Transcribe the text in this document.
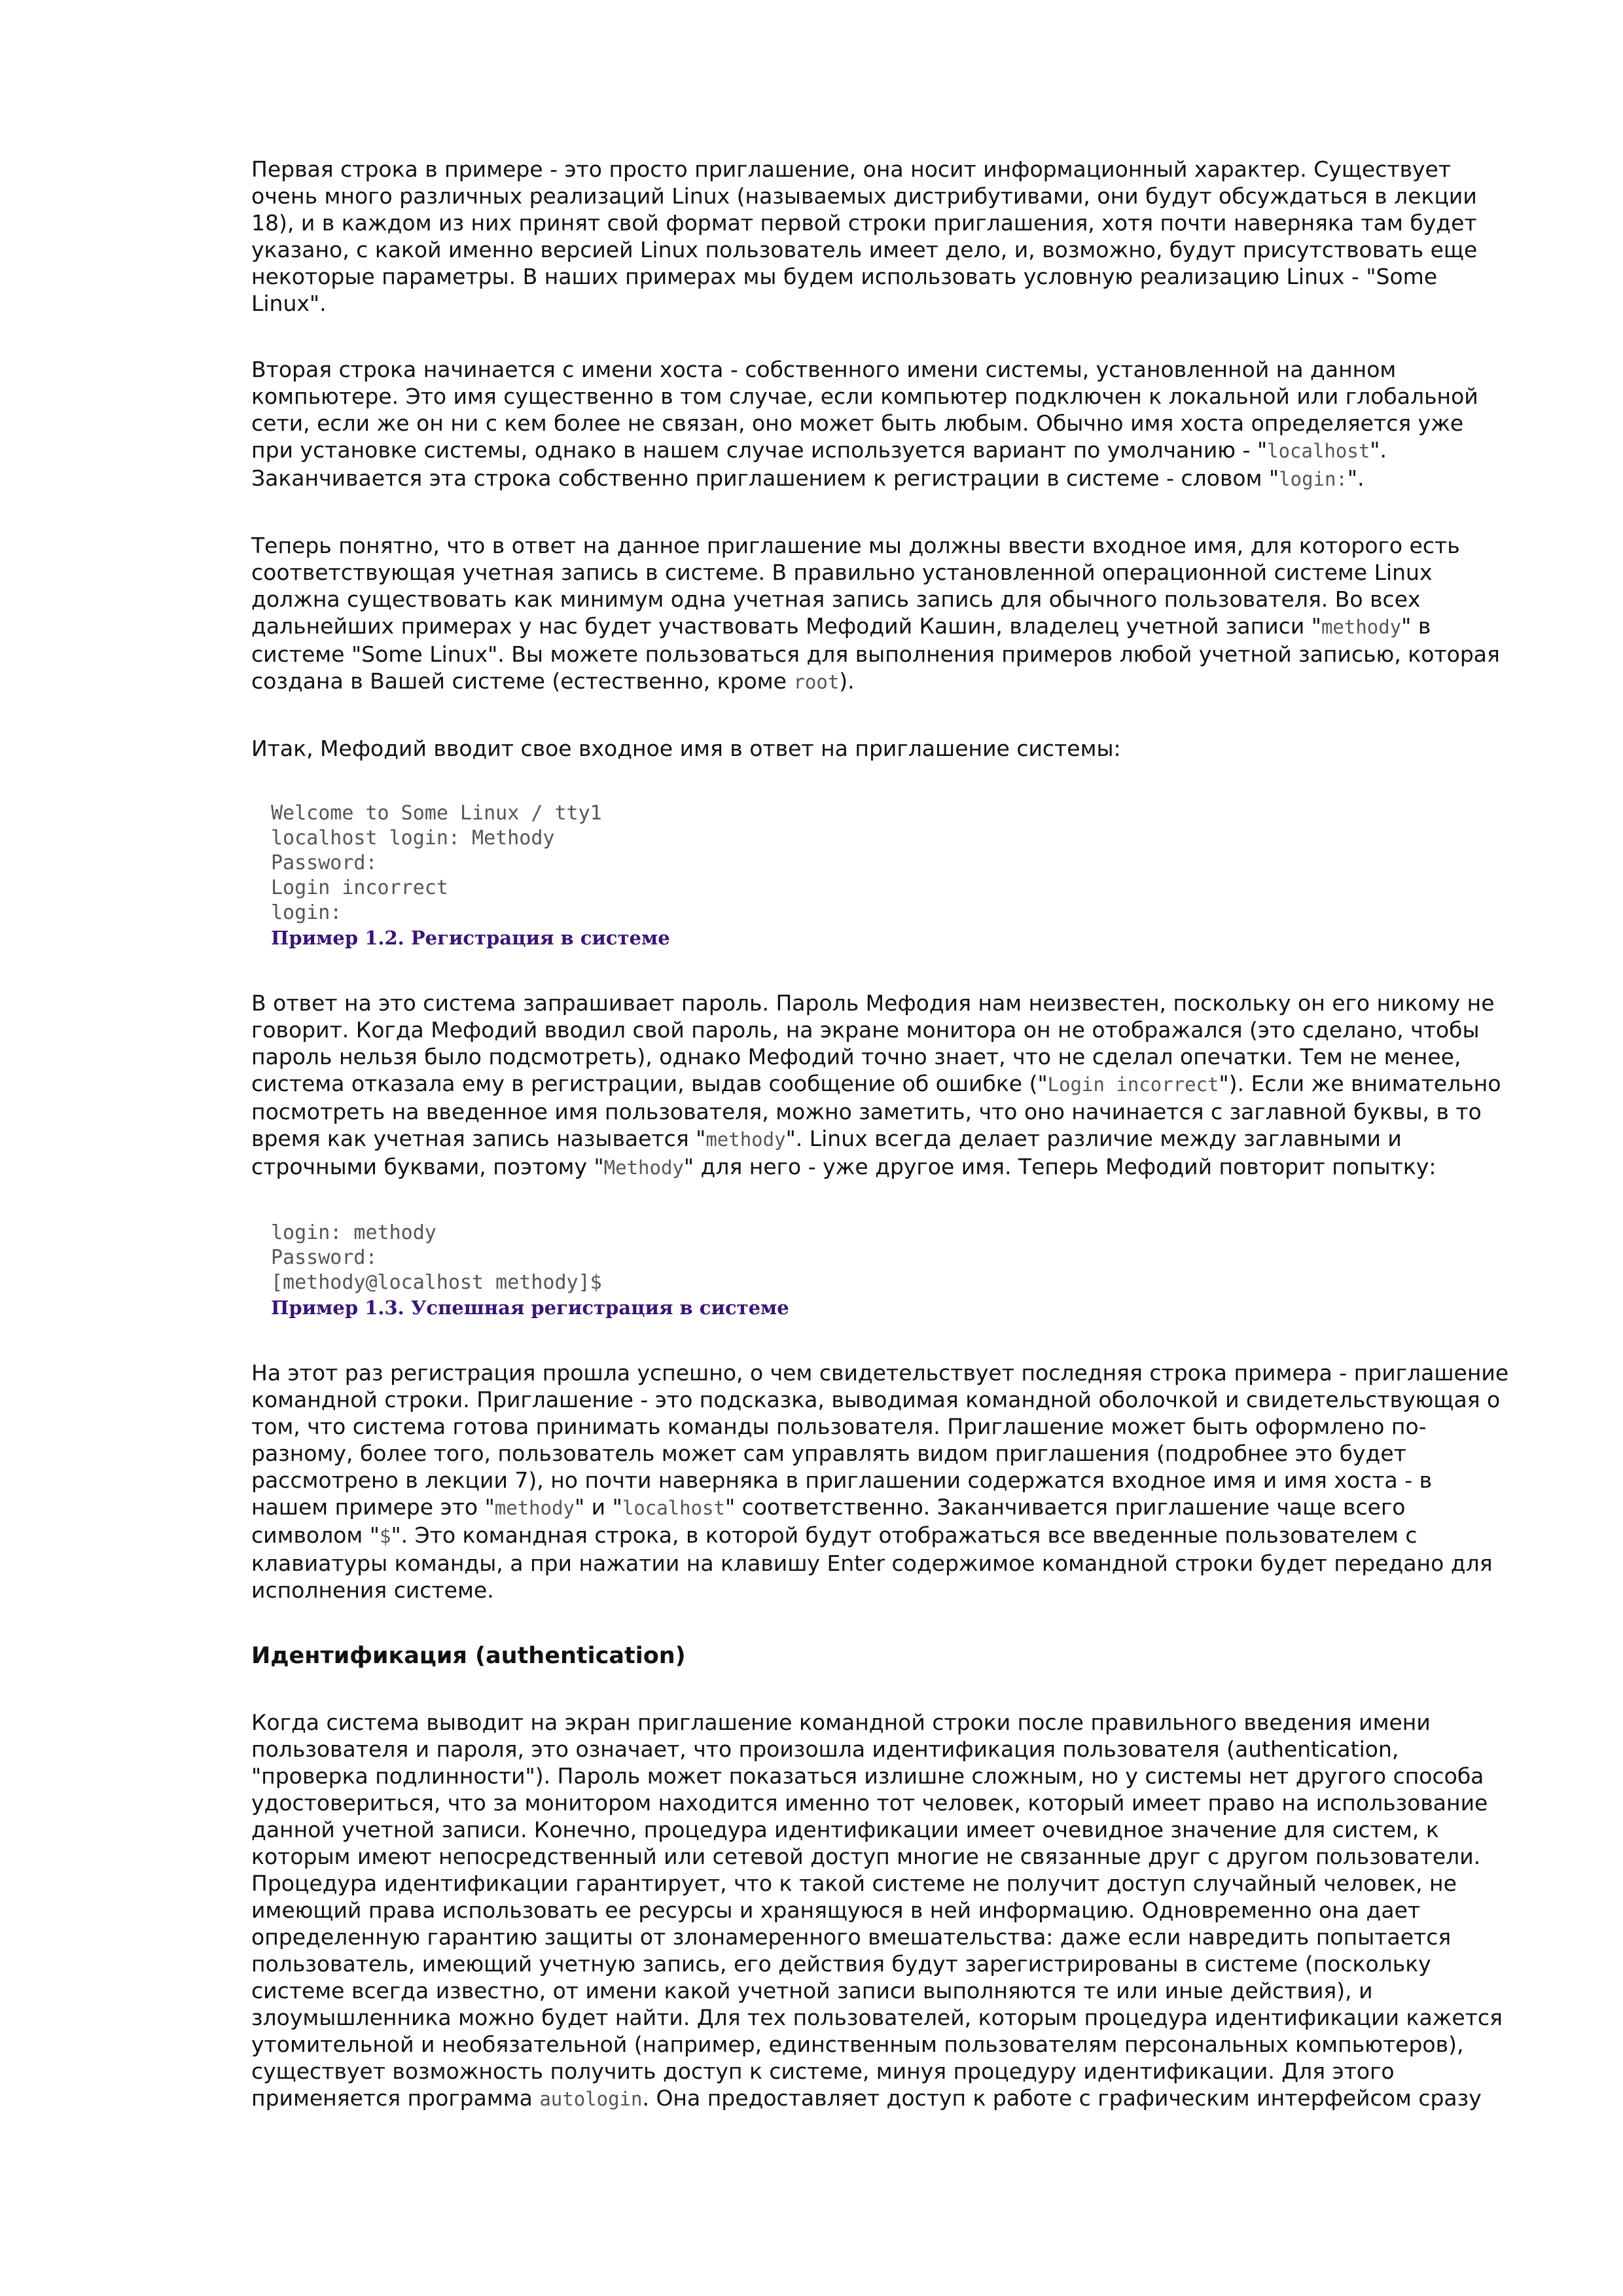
Первая строка в примере - это просто приглашение, она носит информационный характер. Существует очень много различных реализаций Linux (называемых дистрибутивами, они будут обсуждаться в лекции 18), и в каждом из них принят свой формат первой строки приглашения, хотя почти наверняка там будет указано, с какой именно версией Linux пользователь имеет дело, и, возможно, будут присутствовать еще некоторые параметры. В наших примерах мы будем использовать условную реализацию Linux - "Some Linux".

Вторая строка начинается с имени хоста - собственного имени системы, установленной на данном компьютере. Это имя существенно в том случае, если компьютер подключен к локальной или глобальной сети, если же он ни с кем более не связан, оно может быть любым. Обычно имя хоста определяется уже при установке системы, однако в нашем случае используется вариант по умолчанию - "localhost". Заканчивается эта строка собственно приглашением к регистрации в системе - словом "login:".

Теперь понятно, что в ответ на данное приглашение мы должны ввести входное имя, для которого есть соответствующая учетная запись в системе. В правильно установленной операционной системе Linux должна существовать как минимум одна учетная запись запись для обычного пользователя. Во всех дальнейших примерах у нас будет участвовать Мефодий Кашин, владелец учетной записи "methody" в системе "Some Linux". Вы можете пользоваться для выполнения примеров любой учетной записью, которая создана в Вашей системе (естественно, кроме root).

Итак, Мефодий вводит свое входное имя в ответ на приглашение системы:

Welcome to Some Linux / tty1
localhost login: Methody
Password:
Login incorrect
login:
Пример 1.2. Регистрация в системе

В ответ на это система запрашивает пароль. Пароль Мефодия нам неизвестен, поскольку он его никому не говорит. Когда Мефодий вводил свой пароль, на экране монитора он не отображался (это сделано, чтобы пароль нельзя было подсмотреть), однако Мефодий точно знает, что не сделал опечатки. Тем не менее, система отказала ему в регистрации, выдав сообщение об ошибке ("Login incorrect"). Если же внимательно посмотреть на введенное имя пользователя, можно заметить, что оно начинается с заглавной буквы, в то время как учетная запись называется "methody". Linux всегда делает различие между заглавными и строчными буквами, поэтому "Methody" для него - уже другое имя. Теперь Мефодий повторит попытку:

login: methody
Password:
[methody@localhost methody]$
Пример 1.3. Успешная регистрация в системе

На этот раз регистрация прошла успешно, о чем свидетельствует последняя строка примера - приглашение командной строки. Приглашение - это подсказка, выводимая командной оболочкой и свидетельствующая о том, что система готова принимать команды пользователя. Приглашение может быть оформлено по-разному, более того, пользователь может сам управлять видом приглашения (подробнее это будет рассмотрено в лекции 7), но почти наверняка в приглашении содержатся входное имя и имя хоста - в нашем примере это "methody" и "localhost" соответственно. Заканчивается приглашение чаще всего символом "$". Это командная строка, в которой будут отображаться все введенные пользователем с клавиатуры команды, а при нажатии на клавишу Enter содержимое командной строки будет передано для исполнения системе.

Идентификация (authentication)

Когда система выводит на экран приглашение командной строки после правильного введения имени пользователя и пароля, это означает, что произошла идентификация пользователя (authentication, "проверка подлинности"). Пароль может показаться излишне сложным, но у системы нет другого способа удостовериться, что за монитором находится именно тот человек, который имеет право на использование данной учетной записи. Конечно, процедура идентификации имеет очевидное значение для систем, к которым имеют непосредственный или сетевой доступ многие не связанные друг с другом пользователи. Процедура идентификации гарантирует, что к такой системе не получит доступ случайный человек, не имеющий права использовать ее ресурсы и хранящуюся в ней информацию. Одновременно она дает определенную гарантию защиты от злонамеренного вмешательства: даже если навредить попытается пользователь, имеющий учетную запись, его действия будут зарегистрированы в системе (поскольку системе всегда известно, от имени какой учетной записи выполняются те или иные действия), и злоумышленника можно будет найти. Для тех пользователей, которым процедура идентификации кажется утомительной и необязательной (например, единственным пользователям персональных компьютеров), существует возможность получить доступ к системе, минуя процедуру идентификации. Для этого применяется программа autologin. Она предоставляет доступ к работе с графическим интерфейсом сразу
